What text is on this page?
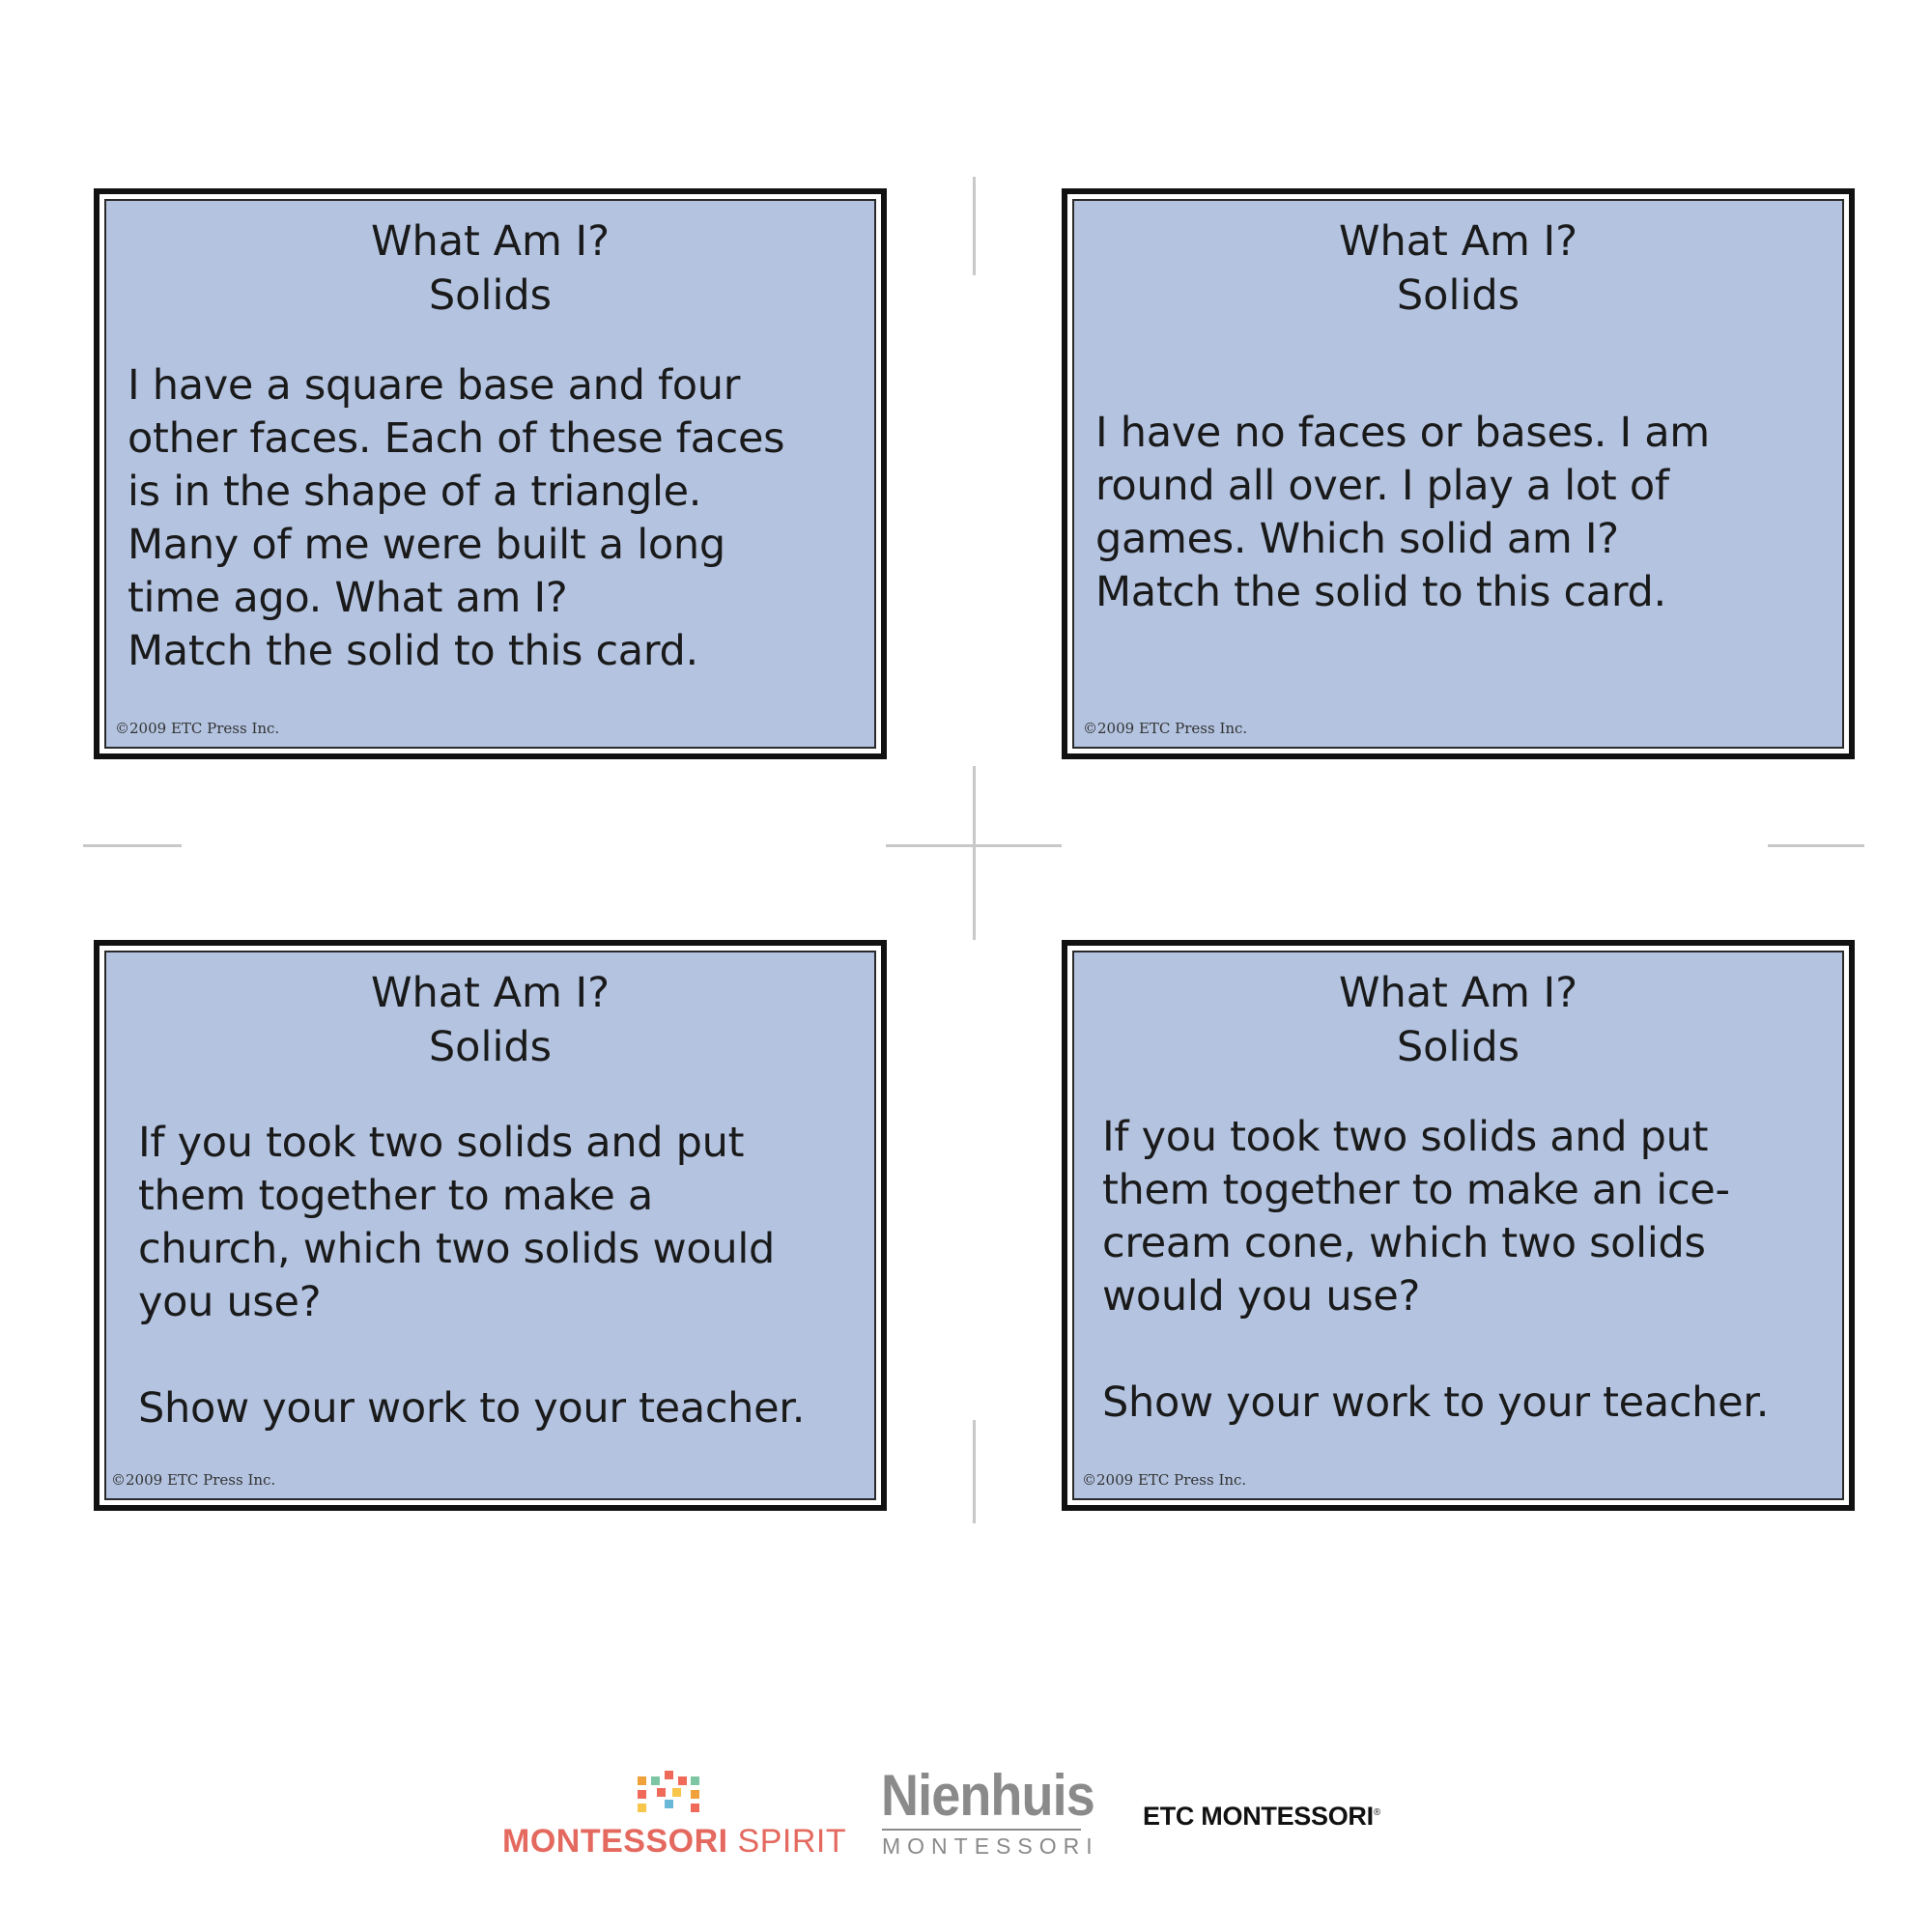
What Am I?
Solids

I have a square base and four
other faces. Each of these faces
is in the shape of a triangle.
Many of me were built a long
time ago. What am I?
Match the solid to this card.

©2009 ETC Press Inc.
What Am I?
Solids

I have no faces or bases. I am
round all over. I play a lot of
games. Which solid am I?
Match the solid to this card.

©2009 ETC Press Inc.
What Am I?
Solids

If you took two solids and put
them together to make a
church, which two solids would
you use?
Show your work to your teacher.

©2009 ETC Press Inc.
What Am I?
Solids

If you took two solids and put
them together to make an ice-
cream cone, which two solids
would you use?
Show your work to your teacher.

©2009 ETC Press Inc.
MONTESSORI SPIRIT
Nienhuis
MONTESSORI
ETC MONTESSORI®
